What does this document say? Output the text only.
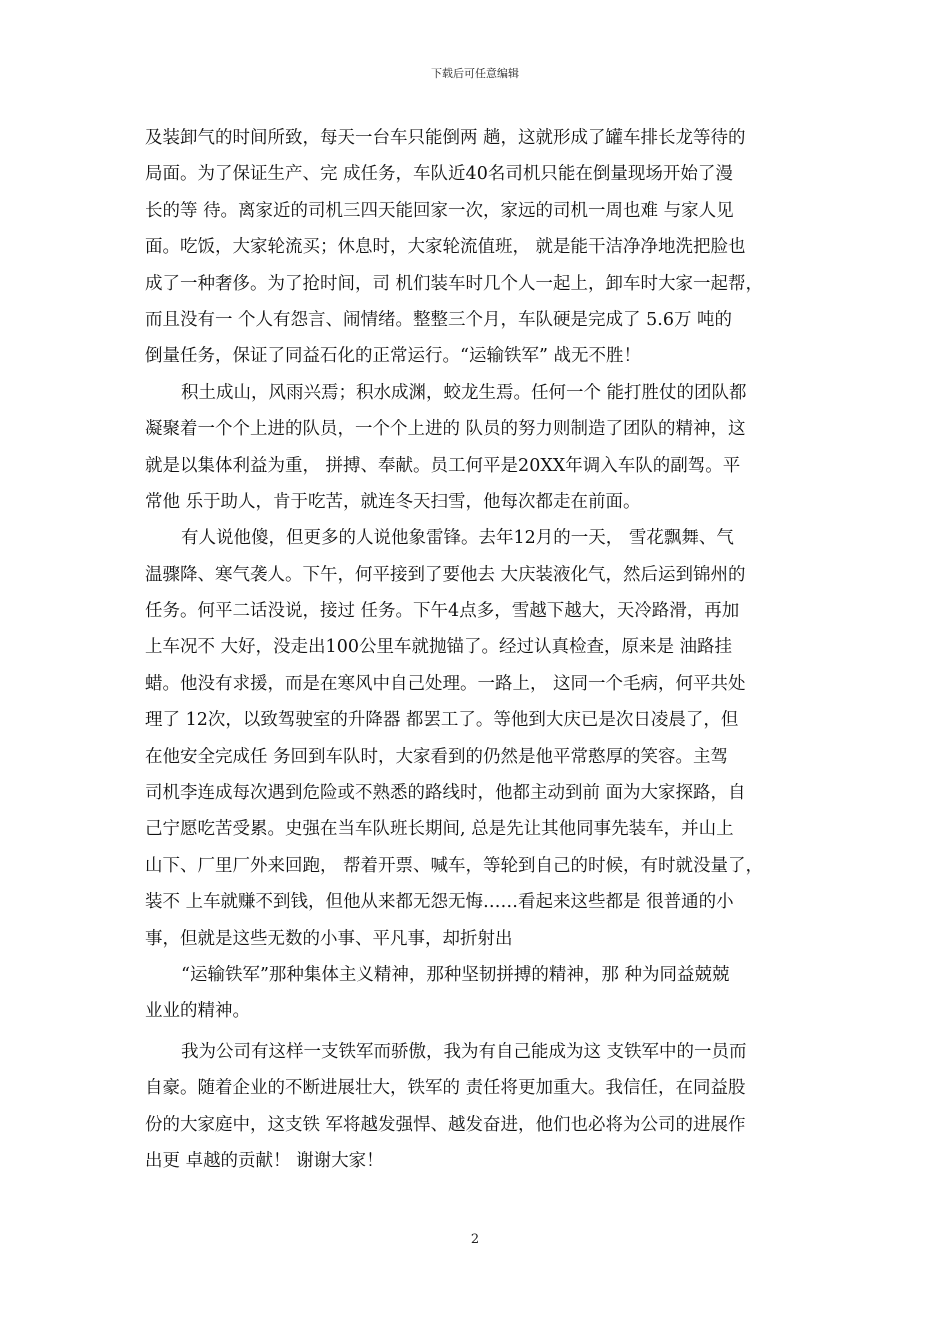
下载后可任意编辑
及装卸气的时间所致，每天一台车只能倒两 趟，这就形成了罐车排长龙等待的
局面。为了保证生产、完 成任务，车队近40名司机只能在倒量现场开始了漫
长的等 待。离家近的司机三四天能回家一次，家远的司机一周也难 与家人见
面。吃饭，大家轮流买；休息时，大家轮流值班， 就是能干洁净净地洗把脸也
成了一种奢侈。为了抢时间，司 机们装车时几个人一起上，卸车时大家一起帮，
而且没有一 个人有怨言、闹情绪。整整三个月，车队硬是完成了 5.6万 吨的
倒量任务，保证了同益石化的正常运行。“运输铁军” 战无不胜！
积土成山，风雨兴焉；积水成渊，蛟龙生焉。任何一个 能打胜仗的团队都
凝聚着一个个上进的队员，一个个上进的 队员的努力则制造了团队的精神，这
就是以集体利益为重， 拼搏、奉献。员工何平是20XX年调入车队的副驾。平
常他 乐于助人，肯于吃苦，就连冬天扫雪，他每次都走在前面。
有人说他傻，但更多的人说他象雷锋。去年12月的一天， 雪花飘舞、气
温骤降、寒气袭人。下午，何平接到了要他去 大庆装液化气，然后运到锦州的
任务。何平二话没说，接过 任务。下午4点多，雪越下越大，天冷路滑，再加
上车况不 大好，没走出100公里车就抛锚了。经过认真检查，原来是 油路挂
蜡。他没有求援，而是在寒风中自己处理。一路上， 这同一个毛病，何平共处
理了 12次，以致驾驶室的升降器 都罢工了。等他到大庆已是次日凌晨了，但
在他安全完成任 务回到车队时，大家看到的仍然是他平常憨厚的笑容。主驾
司机李连成每次遇到危险或不熟悉的路线时，他都主动到前 面为大家探路，自
己宁愿吃苦受累。史强在当车队班长期间, 总是先让其他同事先装车，并山上
山下、厂里厂外来回跑， 帮着开票、喊车，等轮到自己的时候，有时就没量了，
装不 上车就赚不到钱，但他从来都无怨无悔……看起来这些都是 很普通的小
事，但就是这些无数的小事、平凡事，却折射出
“运输铁军”那种集体主义精神，那种坚韧拼搏的精神，那 种为同益兢兢
业业的精神。
我为公司有这样一支铁军而骄傲，我为有自己能成为这 支铁军中的一员而
自豪。随着企业的不断进展壮大，铁军的 责任将更加重大。我信任，在同益股
份的大家庭中，这支铁 军将越发强悍、越发奋进，他们也必将为公司的进展作
出更 卓越的贡献！ 谢谢大家！
2
